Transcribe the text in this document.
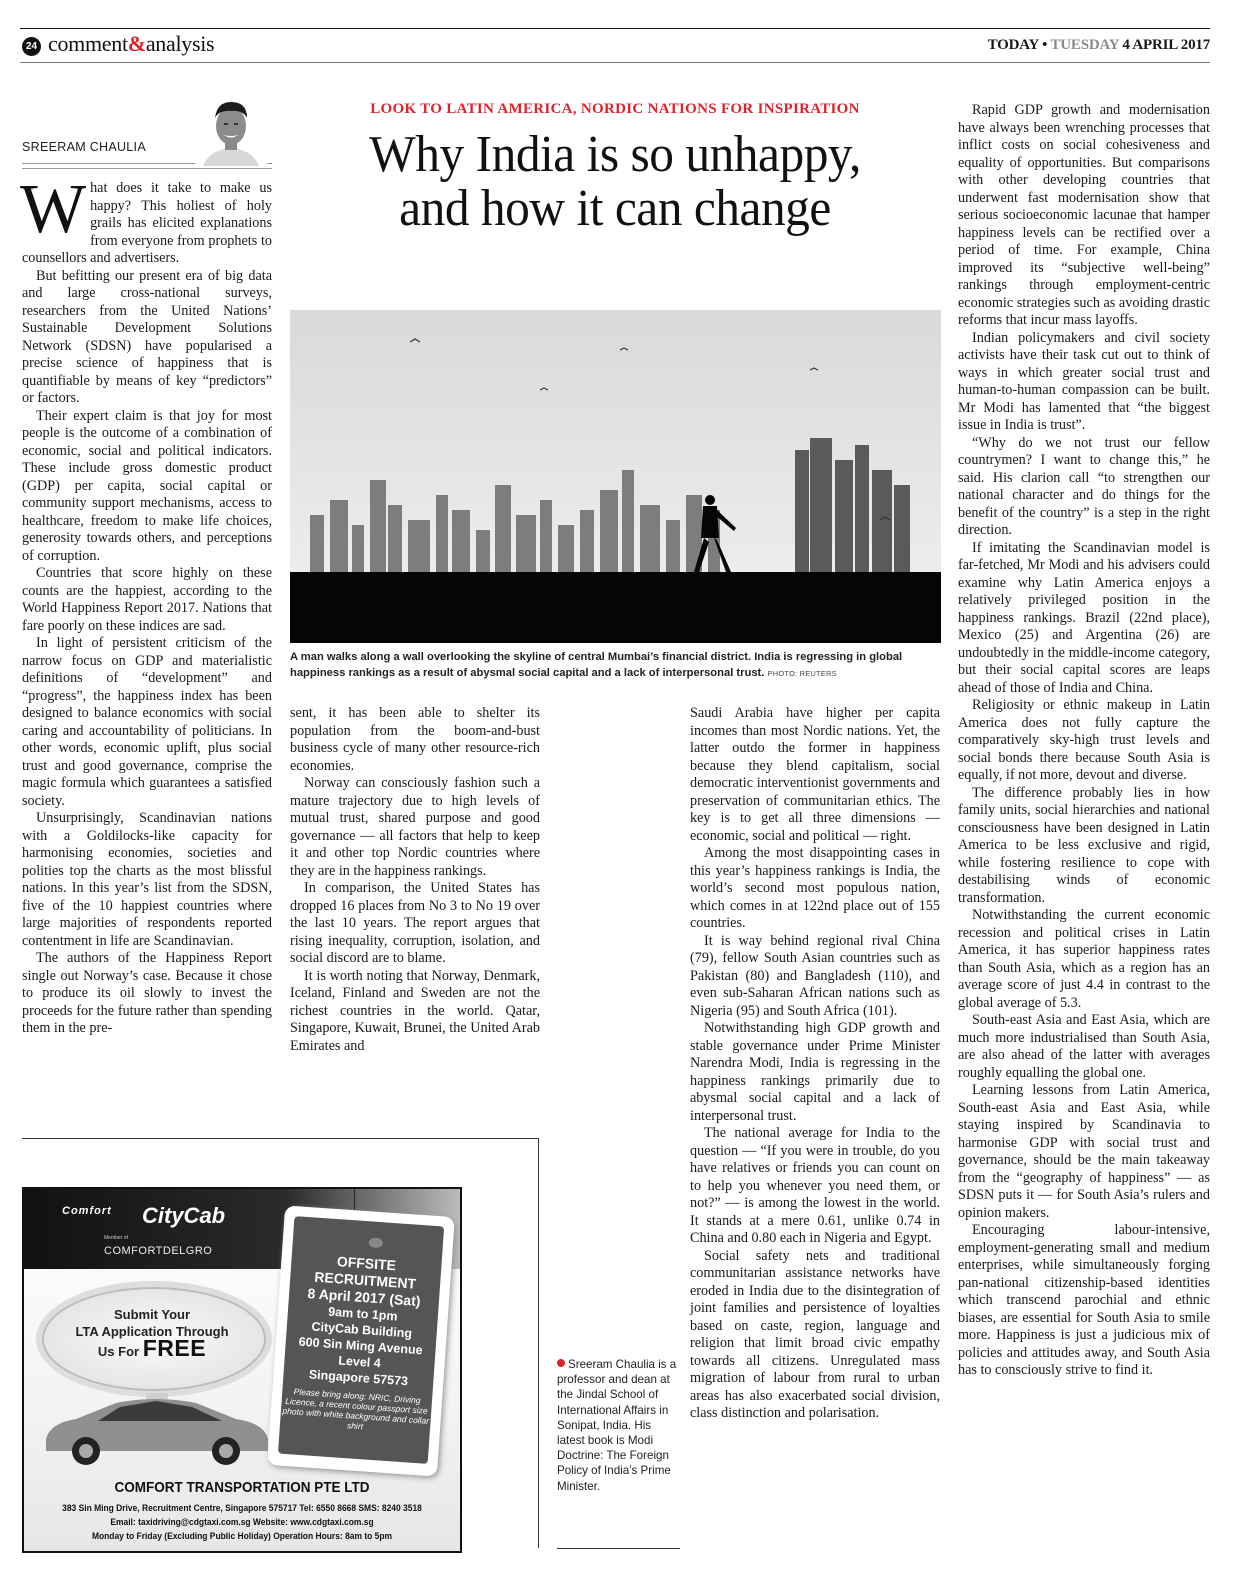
24 comment&analysis	TODAY • TUESDAY 4 APRIL 2017
SREERAM CHAULIA
LOOK TO LATIN AMERICA, NORDIC NATIONS FOR INSPIRATION
Why India is so unhappy,
and how it can change
A man walks along a wall overlooking the skyline of central Mumbai’s financial district. India is regressing in global happiness rankings as a result of abysmal social capital and a lack of interpersonal trust. PHOTO: REUTERS

What does it take to make us happy? This holiest of holy grails has elicited explanations from everyone from prophets to counsellors and advertisers.

But befitting our present era of big data and large cross-national surveys, researchers from the United Nations’ Sustainable Development Solutions Network (SDSN) have popularised a precise science of happiness that is quantifiable by means of key “predictors” or factors.

Their expert claim is that joy for most people is the outcome of a combination of economic, social and political indicators. These include gross domestic product (GDP) per capita, social capital or community support mechanisms, access to healthcare, freedom to make life choices, generosity towards others, and perceptions of corruption.

Countries that score highly on these counts are the happiest, according to the World Happiness Report 2017. Nations that fare poorly on these indices are sad.

In light of persistent criticism of the narrow focus on GDP and materialistic definitions of “development” and “progress”, the happiness index has been designed to balance economics with social caring and accountability of politicians. In other words, economic uplift, plus social trust and good governance, comprise the magic formula which guarantees a satisfied society.

Unsurprisingly, Scandinavian nations with a Goldilocks-like capacity for harmonising economies, societies and polities top the charts as the most blissful nations. In this year’s list from the SDSN, five of the 10 happiest countries where large majorities of respondents reported contentment in life are Scandinavian.

The authors of the Happiness Report single out Norway’s case. Because it chose to produce its oil slowly to invest the proceeds for the future rather than spending them in the pre-

sent, it has been able to shelter its population from the boom-and-bust business cycle of many other resource-rich economies.

Norway can consciously fashion such a mature trajectory due to high levels of mutual trust, shared purpose and good governance — all factors that help to keep it and other top Nordic countries where they are in the happiness rankings.

In comparison, the United States has dropped 16 places from No 3 to No 19 over the last 10 years. The report argues that rising inequality, corruption, isolation, and social discord are to blame.

It is worth noting that Norway, Denmark, Iceland, Finland and Sweden are not the richest countries in the world. Qatar, Singapore, Kuwait, Brunei, the United Arab Emirates and

Saudi Arabia have higher per capita incomes than most Nordic nations. Yet, the latter outdo the former in happiness because they blend capitalism, social democratic interventionist governments and preservation of communitarian ethics. The key is to get all three dimensions — economic, social and political — right.

Among the most disappointing cases in this year’s happiness rankings is India, the world’s second most populous nation, which comes in at 122nd place out of 155 countries.

It is way behind regional rival China (79), fellow South Asian countries such as Pakistan (80) and Bangladesh (110), and even sub-Saharan African nations such as Nigeria (95) and South Africa (101).

Notwithstanding high GDP growth and stable governance under Prime Minister Narendra Modi, India is regressing in the happiness rankings primarily due to abysmal social capital and a lack of interpersonal trust.

The national average for India to the question — “If you were in trouble, do you have relatives or friends you can count on to help you whenever you need them, or not?” — is among the lowest in the world. It stands at a mere 0.61, unlike 0.74 in China and 0.80 each in Nigeria and Egypt.

Social safety nets and traditional communitarian assistance networks have eroded in India due to the disintegration of joint families and persistence of loyalties based on caste, region, language and religion that limit broad civic empathy towards all citizens. Unregulated mass migration of labour from rural to urban areas has also exacerbated social division, class distinction and polarisation.

Rapid GDP growth and modernisation have always been wrenching processes that inflict costs on social cohesiveness and equality of opportunities. But comparisons with other developing countries that underwent fast modernisation show that serious socioeconomic lacunae that hamper happiness levels can be rectified over a period of time. For example, China improved its “subjective well-being” rankings through employment-centric economic strategies such as avoiding drastic reforms that incur mass layoffs.

Indian policymakers and civil society activists have their task cut out to think of ways in which greater social trust and human-to-human compassion can be built. Mr Modi has lamented that “the biggest issue in India is trust”.

“Why do we not trust our fellow countrymen? I want to change this,” he said. His clarion call “to strengthen our national character and do things for the benefit of the country” is a step in the right direction.

If imitating the Scandinavian model is far-fetched, Mr Modi and his advisers could examine why Latin America enjoys a relatively privileged position in the happiness rankings. Brazil (22nd place), Mexico (25) and Argentina (26) are undoubtedly in the middle-income category, but their social capital scores are leaps ahead of those of India and China.

Religiosity or ethnic makeup in Latin America does not fully capture the comparatively sky-high trust levels and social bonds there because South Asia is equally, if not more, devout and diverse.

The difference probably lies in how family units, social hierarchies and national consciousness have been designed in Latin America to be less exclusive and rigid, while fostering resilience to cope with destabilising winds of economic transformation.

Notwithstanding the current economic recession and political crises in Latin America, it has superior happiness rates than South Asia, which as a region has an average score of just 4.4 in contrast to the global average of 5.3.

South-east Asia and East Asia, which are much more industrialised than South Asia, are also ahead of the latter with averages roughly equalling the global one.

Learning lessons from Latin America, South-east Asia and East Asia, while staying inspired by Scandinavia to harmonise GDP with social trust and governance, should be the main takeaway from the “geography of happiness” — as SDSN puts it — for South Asia’s rulers and opinion makers.

Encouraging labour-intensive, employment-generating small and medium enterprises, while simultaneously forging pan-national citizenship-based identities which transcend parochial and ethnic biases, are essential for South Asia to smile more. Happiness is just a judicious mix of policies and attitudes away, and South Asia has to consciously strive to find it.

Comfort CityCab
Member of
COMFORTDELGRO
Submit Your
LTA Application Through
Us For FREE
OFFSITE
RECRUITMENT
8 April 2017 (Sat)
9am to 1pm
CityCab Building
600 Sin Ming Avenue
Level 4
Singapore 57573
Please bring along: NRIC, Driving Licence, a recent colour passport size photo with white background and collar shirt
COMFORT TRANSPORTATION PTE LTD
383 Sin Ming Drive, Recruitment Centre, Singapore 575717 Tel: 6550 8668 SMS: 8240 3518
Email: taxidriving@cdgtaxi.com.sg Website: www.cdgtaxi.com.sg
Monday to Friday (Excluding Public Holiday) Operation Hours: 8am to 5pm
Sreeram Chaulia is a professor and dean at the Jindal School of International Affairs in Sonipat, India. His latest book is Modi Doctrine: The Foreign Policy of India’s Prime Minister.
